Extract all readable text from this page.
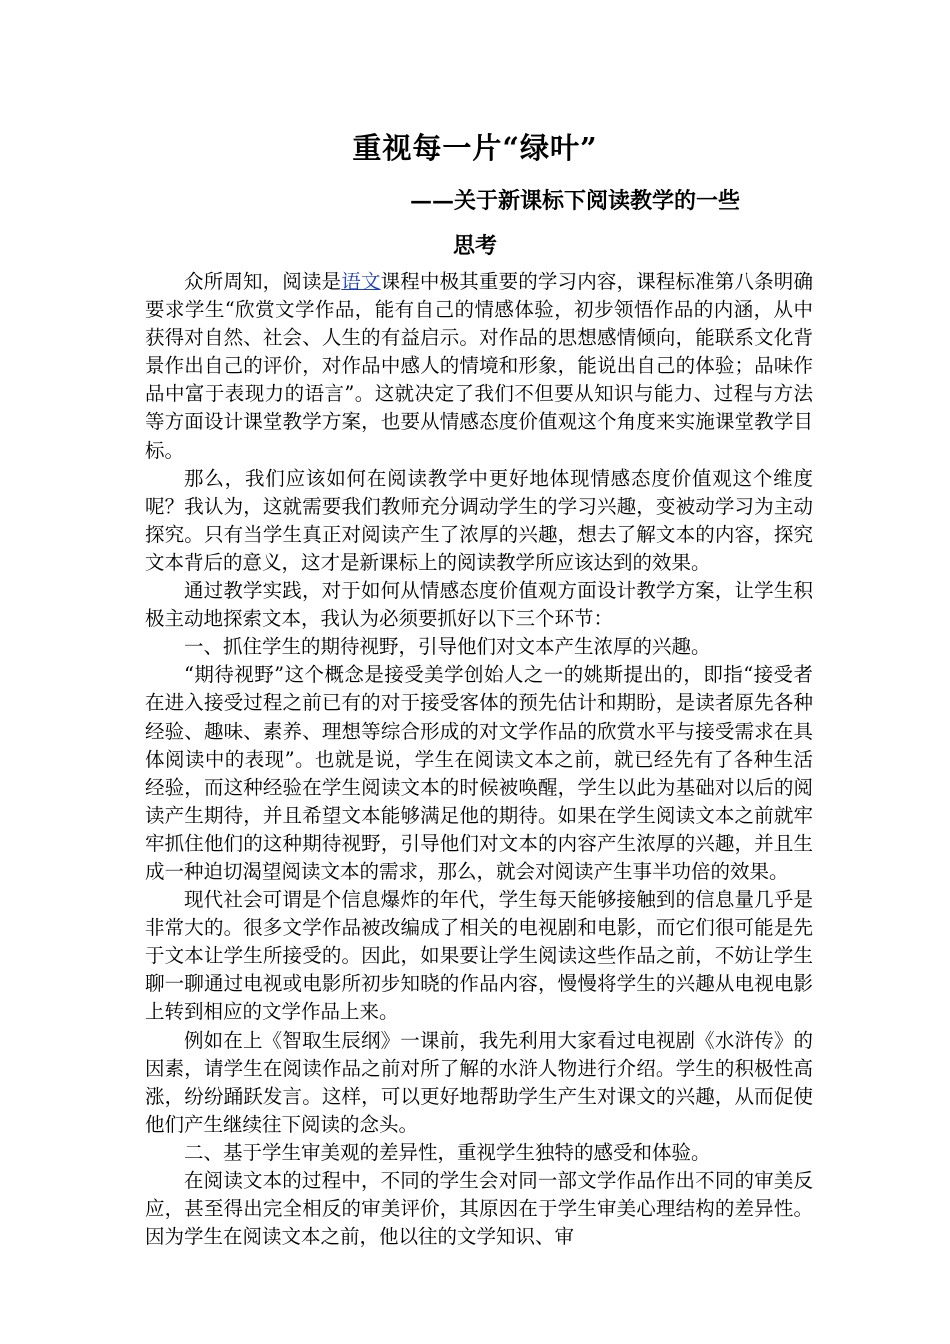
重视每一片“绿叶”
——关于新课标下阅读教学的一些
思考

众所周知，阅读是语文课程中极其重要的学习内容，课程标准第八条明确要求学生“欣赏文学作品，能有自己的情感体验，初步领悟作品的内涵，从中获得对自然、社会、人生的有益启示。对作品的思想感情倾向，能联系文化背景作出自己的评价，对作品中感人的情境和形象，能说出自己的体验；品味作品中富于表现力的语言”。这就决定了我们不但要从知识与能力、过程与方法等方面设计课堂教学方案，也要从情感态度价值观这个角度来实施课堂教学目标。

那么，我们应该如何在阅读教学中更好地体现情感态度价值观这个维度呢？我认为，这就需要我们教师充分调动学生的学习兴趣，变被动学习为主动探究。只有当学生真正对阅读产生了浓厚的兴趣，想去了解文本的内容，探究文本背后的意义，这才是新课标上的阅读教学所应该达到的效果。

通过教学实践，对于如何从情感态度价值观方面设计教学方案，让学生积极主动地探索文本，我认为必须要抓好以下三个环节：

一、抓住学生的期待视野，引导他们对文本产生浓厚的兴趣。

“期待视野”这个概念是接受美学创始人之一的姚斯提出的，即指“接受者在进入接受过程之前已有的对于接受客体的预先估计和期盼，是读者原先各种经验、趣味、素养、理想等综合形成的对文学作品的欣赏水平与接受需求在具体阅读中的表现”。也就是说，学生在阅读文本之前，就已经先有了各种生活经验，而这种经验在学生阅读文本的时候被唤醒，学生以此为基础对以后的阅读产生期待，并且希望文本能够满足他的期待。如果在学生阅读文本之前就牢牢抓住他们的这种期待视野，引导他们对文本的内容产生浓厚的兴趣，并且生成一种迫切渴望阅读文本的需求，那么，就会对阅读产生事半功倍的效果。

现代社会可谓是个信息爆炸的年代，学生每天能够接触到的信息量几乎是非常大的。很多文学作品被改编成了相关的电视剧和电影，而它们很可能是先于文本让学生所接受的。因此，如果要让学生阅读这些作品之前，不妨让学生聊一聊通过电视或电影所初步知晓的作品内容，慢慢将学生的兴趣从电视电影上转到相应的文学作品上来。

例如在上《智取生辰纲》一课前，我先利用大家看过电视剧《水浒传》的因素，请学生在阅读作品之前对所了解的水浒人物进行介绍。学生的积极性高涨，纷纷踊跃发言。这样，可以更好地帮助学生产生对课文的兴趣，从而促使他们产生继续往下阅读的念头。

二、基于学生审美观的差异性，重视学生独特的感受和体验。

在阅读文本的过程中，不同的学生会对同一部文学作品作出不同的审美反应，甚至得出完全相反的审美评价，其原因在于学生审美心理结构的差异性。因为学生在阅读文本之前，他以往的文学知识、审
